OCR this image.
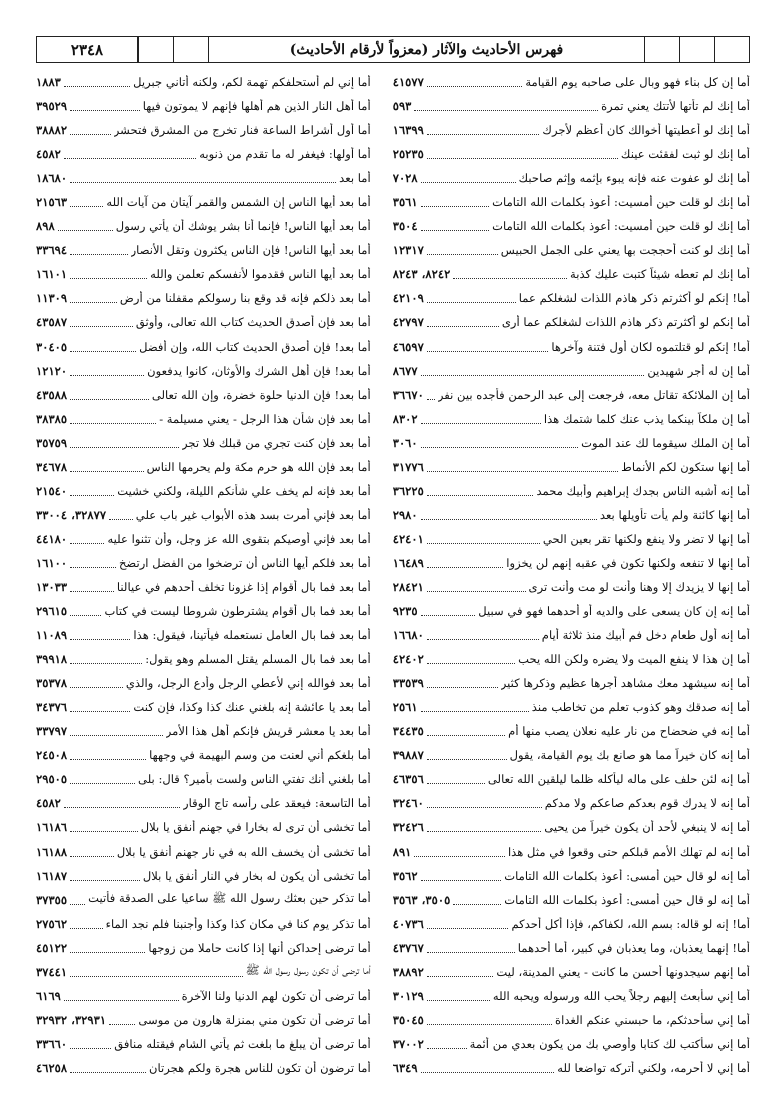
فهرس الأحاديث والآثار (معزواً لأرقام الأحاديث)
٢٣٤٨
أما إن كل بناء فهو وبال على صاحبه يوم القيامة
٤١٥٧٧
أما إنك لم تأتها لأتتك يعني تمرة
٥٩٣
أما إنك لو أعطيتها أخوالك كان أعظم لأجرك
١٦٣٩٩
أما إنك لو ثبت لفقئت عينك
٢٥٢٣٥
أما إنك لو عفوت عنه فإنه يبوء بإثمه وإثم صاحبك
٧٠٢٨
أما إنك لو قلت حين أمسيت: أعوذ بكلمات الله التامات
٣٥٦١
أما إنك لو قلت حين أمسيت: أعوذ بكلمات الله التامات
٣٥٠٤
أما إنك لو كنت أحججت بها يعني على الجمل الحبيس
١٢٣١٧
أما إنك لم تعطه شيئاً كتبت عليك كذبة
٨٢٤٢، ٨٢٤٣
أما! إنكم لو أكثرتم ذكر هاذم اللذات لشغلكم عما
٤٢١٠٩
أما إنكم لو أكثرتم ذكر هاذم اللذات لشغلكم عما أرى
٤٢٧٩٧
أما! إنكم لو قتلتموه لكان أول فتنة وآخرها
٤٦٥٩٧
أما إن له أجر شهيدين
٨٦٧٧
أما إن الملائكة تقاتل معه، فرجعت إلى عبد الرحمن فأجده بين نفر
٣٦٦٧٠
أما إن ملكاً بينكما يذب عنك كلما شتمك هذا
٨٣٠٢
أما إن الملك سيقوما لك عند الموت
٣٠٦٠
أما إنها ستكون لكم الأنماط
٣١٧٧٦
أما إنه أشبه الناس بجدك إبراهيم وأبيك محمد
٣٦٢٢٥
أما إنها كائنة ولم يأت تأويلها بعد
٢٩٨٠
أما إنها لا تضر ولا ينفع ولكنها تقر بعين الحي
٤٢٤٠١
أما إنها لا تنفعه ولكنها تكون في عقبه إنهم لن يخزوا
١٦٤٨٩
أما إنها لا يزيدك إلا وهنا وأنت لو مت وأنت ترى
٢٨٤٢١
أما إنه إن كان يسعى على والديه أو أحدهما فهو في سبيل
٩٢٣٥
أما إنه أول طعام دخل فم أبيك منذ ثلاثة أيام
١٦٦٨٠
أما إن هذا لا ينفع الميت ولا يضره ولكن الله يحب
٤٢٤٠٢
أما إنه سيشهد معك مشاهد أجرها عظيم وذكرها كثير
٣٣٥٣٩
أما إنه صدقك وهو كذوب تعلم من تخاطب منذ
٢٥٦١
أما إنه في ضحضاح من نار عليه نعلان يصب منها أم
٣٤٤٣٥
أما إنه كان خيراً مما هو صانع بك يوم القيامة، يقول
٣٩٨٨٧
أما إنه لئن حلف على ماله ليأكله ظلما ليلقين الله تعالى
٤٦٣٥٦
أما إنه لا يدرك قوم بعدكم صاعكم ولا مدكم
٣٢٤٦٠
أما إنه لا ينبغي لأحد أن يكون خيراً من يحيى
٣٢٤٢٦
أما إنه لم تهلك الأمم قبلكم حتى وقعوا في مثل هذا
٨٩١
أما إنه لو قال حين أمسى: أعوذ بكلمات الله التامات
٣٥٦٢
أما إنه لو قال حين أمسى: أعوذ بكلمات الله التامات
٣٥٠٥، ٣٥٦٣
أما! إنه لو قاله: بسم الله، لكفاكم، فإذا أكل أحدكم
٤٠٧٣٦
أما! إنهما يعذبان، وما يعذبان في كبير، أما أحدهما
٤٣٧٦٧
أما إنهم سيجدونها أحسن ما كانت - يعني المدينة، ليت
٣٨٨٩٢
أما إني سأبعث إليهم رجلاً يحب الله ورسوله ويحبه الله
٣٠١٢٩
أما إني سأحدثكم، ما حبسني عنكم الغداة
٣٥٠٤٥
أما إني سأكتب لك كتابا وأوصي بك من يكون بعدي من أئمة
٣٧٠٠٢
أما إني لا أحرمه، ولكني أتركه تواضعا لله
٦٣٤٩
أما إني لم أستحلفكم تهمة لكم، ولكنه أتاني جبريل
١٨٨٣
أما أهل النار الذين هم أهلها فإنهم لا يموتون فيها
٣٩٥٢٩
أما أول أشراط الساعة فنار تخرج من المشرق فتحشر
٣٨٨٨٢
أما أولها: فيغفر له ما تقدم من ذنوبه
٤٥٨٢
أما بعد
١٨٦٨٠
أما بعد أيها الناس إن الشمس والقمر آيتان من آيات الله
٢١٥٦٣
أما بعد أيها الناس! فإنما أنا بشر يوشك أن يأتي رسول
٨٩٨
أما بعد أيها الناس! فإن الناس يكثرون وتقل الأنصار
٣٣٦٩٤
أما بعد أيها الناس فقدموا لأنفسكم تعلمن والله
١٦١٠١
أما بعد ذلكم فإنه قد وقع بنا رسولكم مقفلنا من أرض
١١٣٠٩
أما بعد فإن أصدق الحديث كتاب الله تعالى، وأوثق
٤٣٥٨٧
أما بعد! فإن أصدق الحديث كتاب الله، وإن أفضل
٣٠٤٠٥
أما بعد! فإن أهل الشرك والأوثان، كانوا يدفعون
١٢١٢٠
أما بعد! فإن الدنيا حلوة خضرة، وإن الله تعالى
٤٣٥٨٨
أما بعد فإن شأن هذا الرجل - يعني مسيلمة -
٣٨٣٨٥
أما بعد فإن كنت تجري من قبلك فلا تجر
٣٥٧٥٩
أما بعد فإن الله هو حرم مكة ولم يحرمها الناس
٣٤٦٧٨
أما بعد فإنه لم يخف علي شأنكم الليلة، ولكني خشيت
٢١٥٤٠
أما بعد فإني أمرت بسد هذه الأبواب غير باب علي
٣٢٨٧٧، ٣٣٠٠٤
أما بعد فإني أوصيكم بتقوى الله عز وجل، وأن تثنوا عليه
٤٤١٨٠
أما بعد فلكم أيها الناس أن ترضخوا من الفضل ارتضخ
١٦١٠٠
أما بعد فما بال أقوام إذا غزونا تخلف أحدهم في عيالنا
١٣٠٣٣
أما بعد فما بال أقوام يشترطون شروطا ليست في كتاب
٢٩٦١٥
أما بعد فما بال العامل نستعمله فيأتينا، فيقول: هذا
١١٠٨٩
أما بعد فما بال المسلم يقتل المسلم وهو يقول:
٣٩٩١٨
أما بعد فوالله إني لأعطي الرجل وأدع الرجل، والذي
٣٥٣٧٨
أما بعد يا عائشة إنه بلغني عنك كذا وكذا، فإن كنت
٣٤٣٧٦
أما بعد يا معشر قريش فإنكم أهل هذا الأمر
٣٣٧٩٧
أما بلغكم أني لعنت من وسم البهيمة في وجهها
٢٤٥٠٨
أما بلغني أنك تفتي الناس ولست بأمير؟ قال: بلى
٢٩٥٠٥
أما التاسعة: فيعقد على رأسه تاج الوقار
٤٥٨٢
أما تخشى أن ترى له بخارا في جهنم أنفق يا بلال
١٦١٨٦
أما تخشى أن يخسف الله به في نار جهنم أنفق يا بلال
١٦١٨٨
أما تخشى أن يكون له بخار في النار أنفق يا بلال
١٦١٨٧
أما تذكر حين بعثك رسول الله ﷺ ساعيا على الصدقة فأتيت
٣٧٣٥٥
أما تذكر يوم كنا في مكان كذا وكذا وأجنبنا فلم نجد الماء
٢٧٥٦٢
أما ترضى إحداكن أنها إذا كانت حاملا من زوجها
٤٥١٢٢
أما ترضى أن تكون رسول رسول الله ﷺ
٣٧٤٤١
أما ترضى أن تكون لهم الدنيا ولنا الآخرة
٦١٦٩
أما ترضى أن تكون مني بمنزلة هارون من موسى
٣٢٩٣١، ٣٢٩٣٢
أما ترضى أن يبلغ ما بلغت ثم يأتي الشام فيقتله منافق
٣٣٦٦٠
أما ترضون أن تكون للناس هجرة ولكم هجرتان
٤٦٢٥٨
